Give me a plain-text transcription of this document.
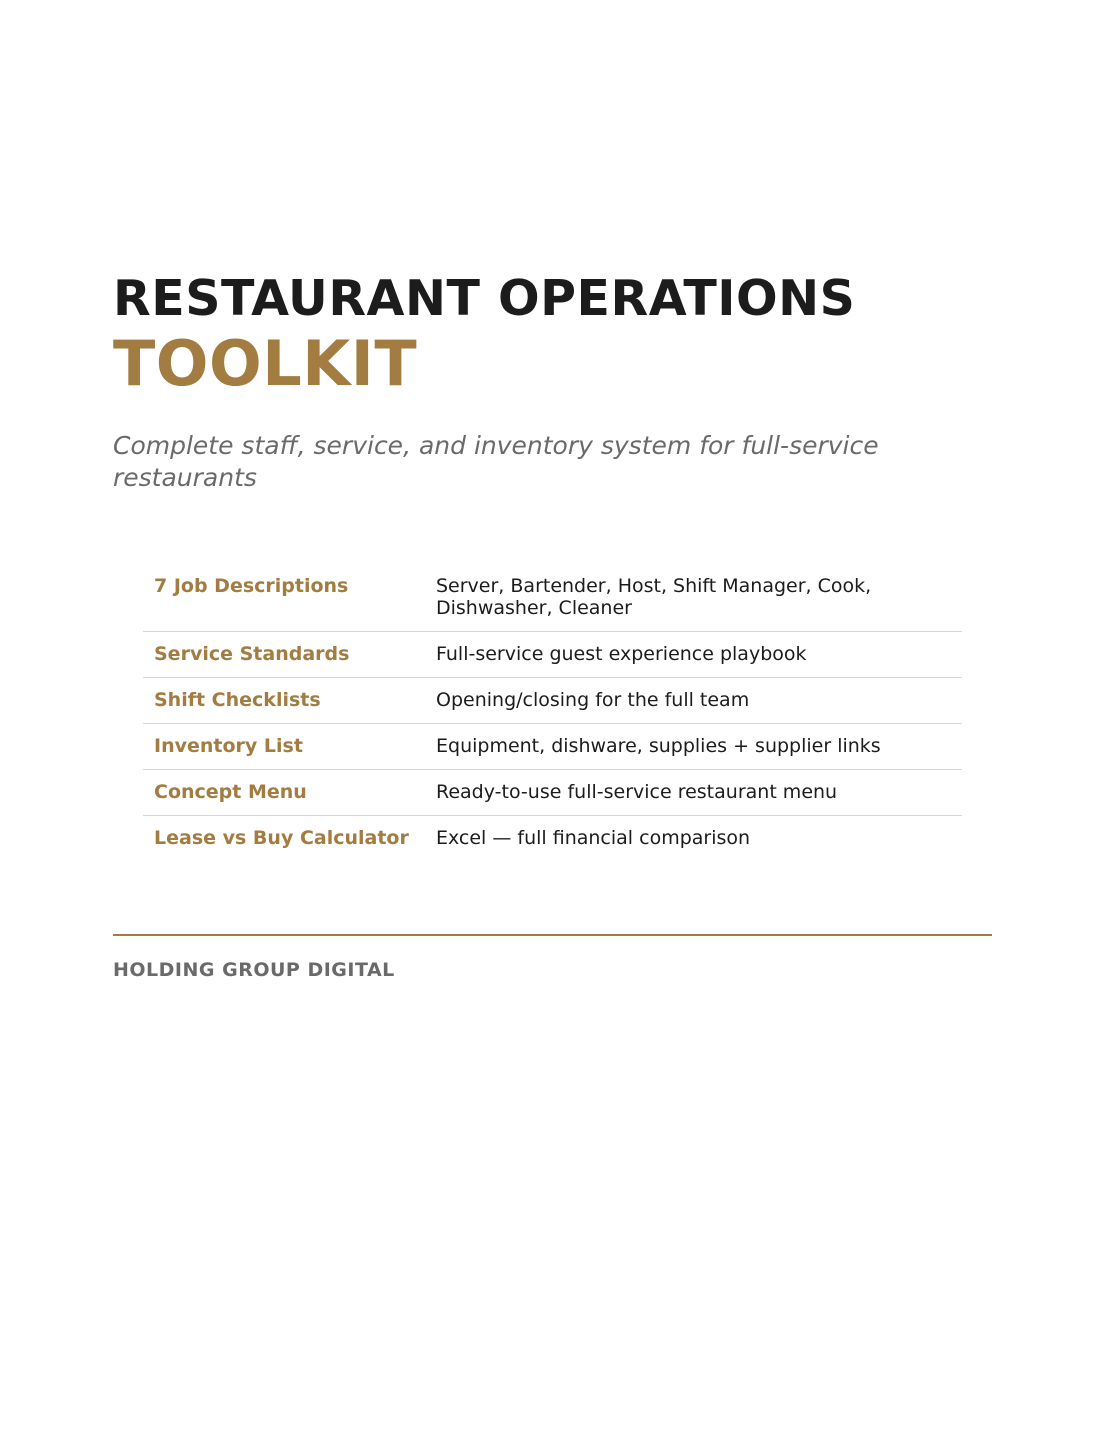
RESTAURANT OPERATIONS
TOOLKIT

Complete staff, service, and inventory system for full-service restaurants

7 Job Descriptions	Server, Bartender, Host, Shift Manager, Cook, Dishwasher, Cleaner
Service Standards	Full-service guest experience playbook
Shift Checklists	Opening/closing for the full team
Inventory List	Equipment, dishware, supplies + supplier links
Concept Menu	Ready-to-use full-service restaurant menu
Lease vs Buy Calculator	Excel — full financial comparison
HOLDING GROUP DIGITAL
